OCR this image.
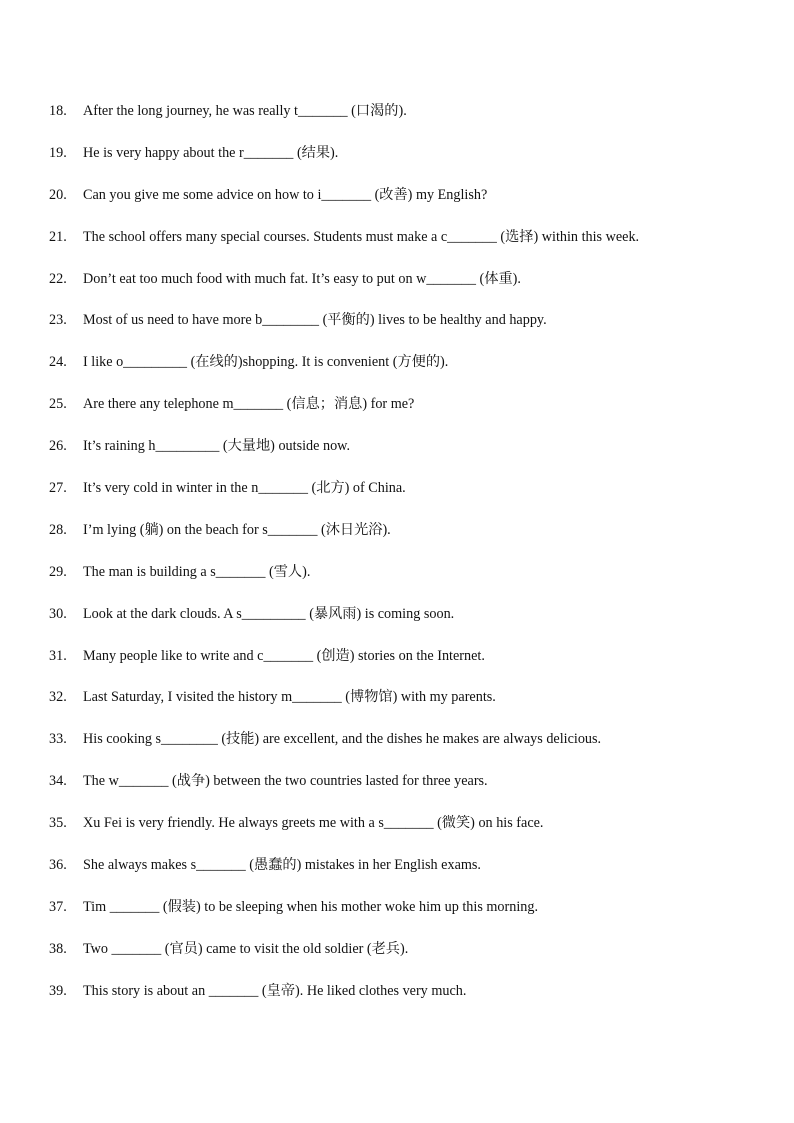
18.	After the long journey, he was really t_______ (口渴的).
19.	He is very happy about the r_______ (结果).
20.	Can you give me some advice on how to i_______ (改善) my English?
21.	The school offers many special courses. Students must make a c_______ (选择) within this week.
22.	Don’t eat too much food with much fat. It’s easy to put on w_______ (体重).
23.	Most of us need to have more b________ (平衡的) lives to be healthy and happy.
24.	I like o_________ (在线的)shopping. It is convenient (方便的).
25.	Are there any telephone m_______ (信息；消息) for me?
26.	It’s raining h_________ (大量地) outside now.
27.	It’s very cold in winter in the n_______ (北方) of China.
28.	I’m lying (躺) on the beach for s_______ (沐日光浴).
29.	The man is building a s_______ (雪人).
30.	Look at the dark clouds. A s_________ (暴风雨) is coming soon.
31.	Many people like to write and c_______ (创造) stories on the Internet.
32.	Last Saturday, I visited the history m_______ (博物馆) with my parents.
33.	His cooking s________ (技能) are excellent, and the dishes he makes are always delicious.
34.	The w_______ (战争) between the two countries lasted for three years.
35.	Xu Fei is very friendly. He always greets me with a s_______ (微笑) on his face.
36.	She always makes s_______ (愚蠢的) mistakes in her English exams.
37.	Tim _______ (假装) to be sleeping when his mother woke him up this morning.
38.	Two _______ (官员) came to visit the old soldier (老兵).
39.	This story is about an _______ (皇帝). He liked clothes very much.
